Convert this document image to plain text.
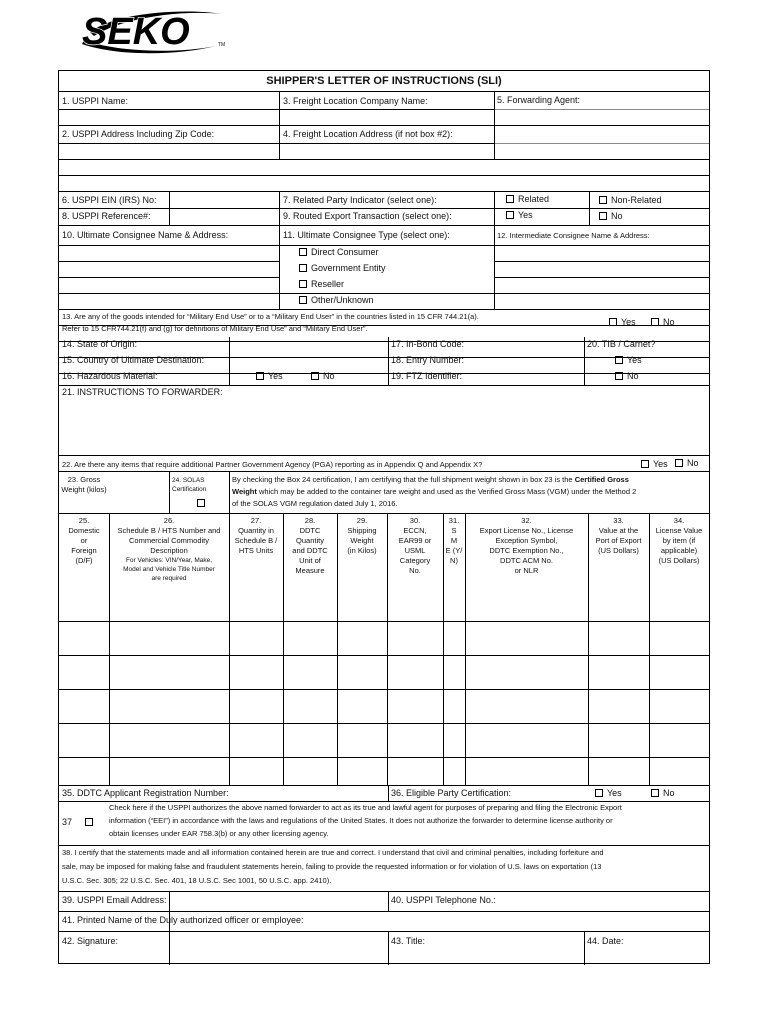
SEKO	TM
SHIPPER'S LETTER OF INSTRUCTIONS (SLI)
1. USPPI Name:	3. Freight Location Company Name:	5. Forwarding Agent:
2. USPPI Address Including Zip Code:	4. Freight Location Address (if not box #2):
6. USPPI EIN (IRS) No:	7. Related Party Indicator (select one):	Related	Non-Related
8. USPPI Reference#:	9. Routed Export Transaction (select one):	Yes	No
10. Ultimate Consignee Name & Address:	11. Ultimate Consignee Type (select one):	12. Intermediate Consignee Name & Address:
Direct Consumer
Government Entity
Reseller
Other/Unknown
13. Are any of the goods intended for “Military End Use” or to a “Military End User” in the countries listed in 15 CFR 744.21(a).
Refer to 15 CFR744.21(f) and (g) for definitions of Military End Use” and “Military End User”.
Yes	No
14. State of Origin:	17. In-Bond Code:	20. TIB / Carnet?
15. Country of Ultimate Destination:	18. Entry Number:	Yes
16. Hazardous Material:	Yes	No	19. FTZ Identifier:	No
21. INSTRUCTIONS TO FORWARDER:
22. Are there any items that require additional Partner Government Agency (PGA) reporting as in Appendix Q and Appendix X?	Yes	No
23. Gross Weight (kilos)
24. SOLAS Certification
By checking the Box 24 certification, I am certifying that the full shipment weight shown in box 23 is the Certified Gross
Weight which may be added to the container tare weight and used as the Verified Gross Mass (VGM) under the Method 2
of the SOLAS VGM regulation dated July 1, 2016.
25.
Domestic
or
Foreign
(D/F)
26.
Schedule B / HTS Number and
Commercial Commodity
Description
For Vehicles: VIN/Year, Make,
Model and Vehicle Title Number
are required
27.
Quantity in
Schedule B /
HTS Units
28.
DDTC
Quantity
and DDTC
Unit of
Measure
29.
Shipping
Weight
(in Kilos)
30.
ECCN,
EAR99 or
USML
Category
No.
31.
S
M
E (Y/
N)
32.
Export License No., License
Exception Symbol,
DDTC Exemption No.,
DDTC ACM No.
or NLR
33.
Value at the
Port of Export
(US Dollars)
34.
License Value
by item (if
applicable)
(US Dollars)
35. DDTC Applicant Registration Number:	36. Eligible Party Certification:	Yes	No
37
Check here if the USPPI authorizes the above named forwarder to act as its true and lawful agent for purposes of preparing and filing the Electronic Export
information (“EEI”) in accordance with the laws and regulations of the United States. It does not authorize the forwarder to determine license authority or
obtain licenses under EAR 758.3(b) or any other licensing agency.
38. I certify that the statements made and all information contained herein are true and correct. I understand that civil and criminal penalties, including forfeiture and
sale, may be imposed for making false and fraudulent statements herein, failing to provide the requested information or for violation of U.S. laws on exportation (13
U.S.C. Sec. 305; 22 U.S.C. Sec. 401, 18 U.S.C. Sec 1001, 50 U.S.C. app. 2410).
39. USPPI Email Address:	40. USPPI Telephone No.:
41. Printed Name of the Duly authorized officer or employee:
42. Signature:	43. Title:	44. Date:
